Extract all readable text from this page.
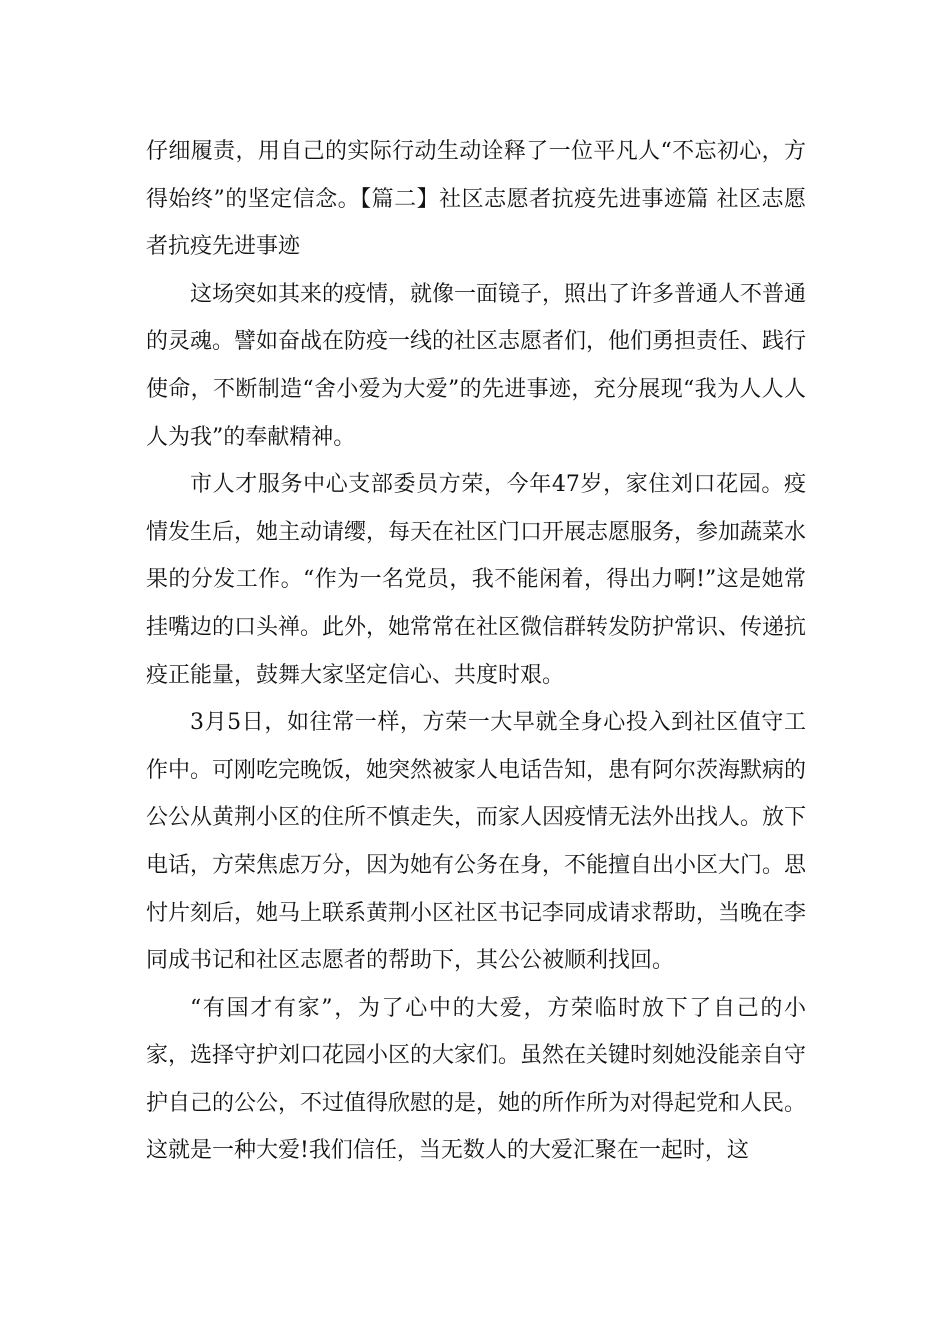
仔细履责，用自己的实际行动生动诠释了一位平凡人“不忘初心，方得始终”的坚定信念。【篇二】社区志愿者抗疫先进事迹篇 社区志愿者抗疫先进事迹

这场突如其来的疫情，就像一面镜子，照出了许多普通人不普通的灵魂。譬如奋战在防疫一线的社区志愿者们，他们勇担责任、践行使命，不断制造“舍小爱为大爱”的先进事迹，充分展现“我为人人人人为我”的奉献精神。

市人才服务中心支部委员方荣，今年47岁，家住刘口花园。疫情发生后，她主动请缨，每天在社区门口开展志愿服务，参加蔬菜水果的分发工作。“作为一名党员，我不能闲着，得出力啊!”这是她常挂嘴边的口头禅。此外，她常常在社区微信群转发防护常识、传递抗疫正能量，鼓舞大家坚定信心、共度时艰。

3月5日，如往常一样，方荣一大早就全身心投入到社区值守工作中。可刚吃完晚饭，她突然被家人电话告知，患有阿尔茨海默病的公公从黄荆小区的住所不慎走失，而家人因疫情无法外出找人。放下电话，方荣焦虑万分，因为她有公务在身，不能擅自出小区大门。思忖片刻后，她马上联系黄荆小区社区书记李同成请求帮助，当晚在李同成书记和社区志愿者的帮助下，其公公被顺利找回。

“有国才有家”，为了心中的大爱，方荣临时放下了自己的小家，选择守护刘口花园小区的大家们。虽然在关键时刻她没能亲自守护自己的公公，不过值得欣慰的是，她的所作所为对得起党和人民。这就是一种大爱!我们信任，当无数人的大爱汇聚在一起时，这
